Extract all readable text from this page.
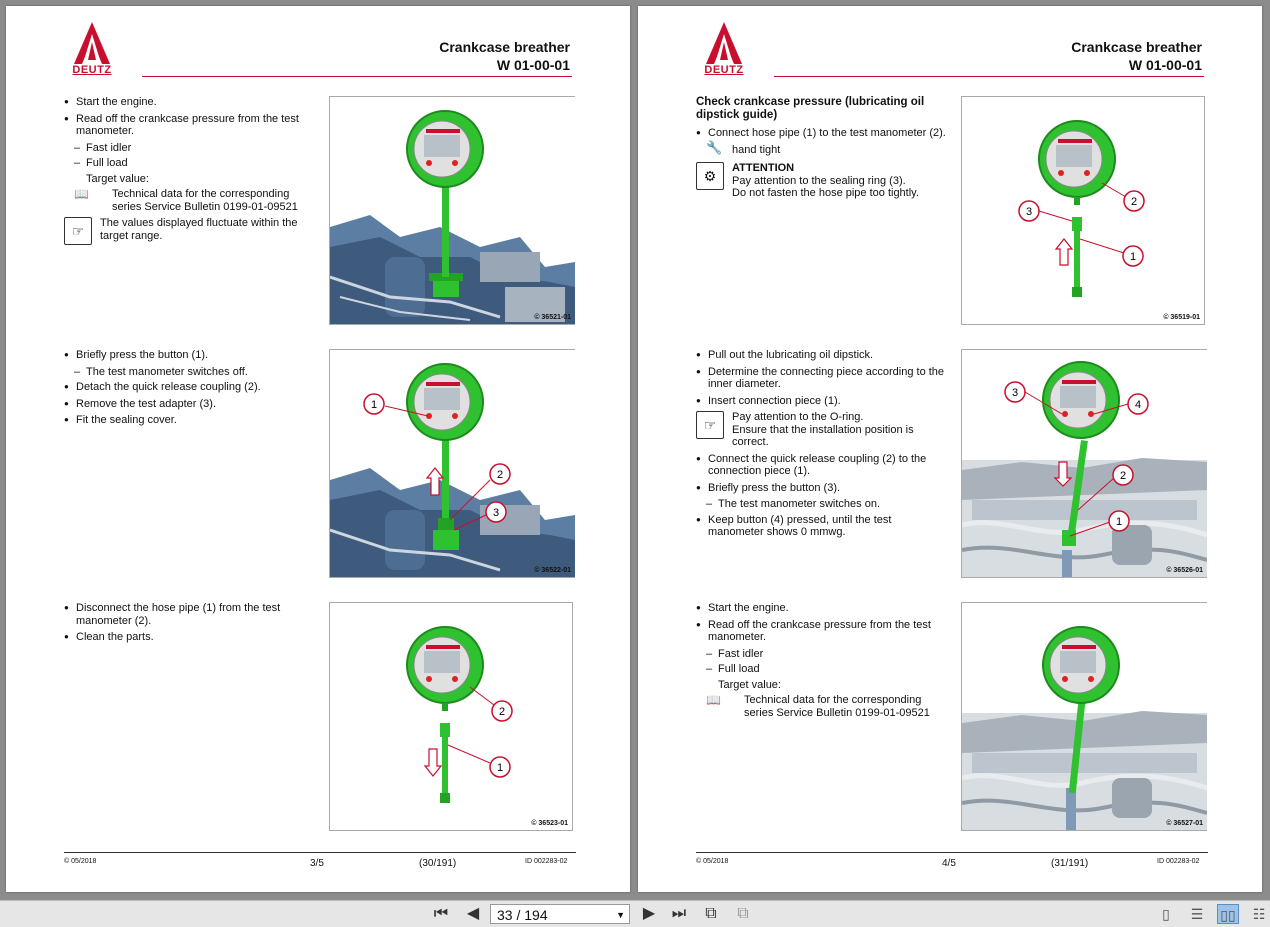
DEUTZ
Crankcase breather
W 01-00-01
● Start the engine.
● Read off the crankcase pressure from the test manometer.
– Fast idler
– Full load
Target value:
📖 Technical data for the corresponding series Service Bulletin 0199-01-09521
☞	The values displayed fluctuate within the target range.
© 36521-01
● Briefly press the button (1).
– The test manometer switches off.
● Detach the quick release coupling (2).
● Remove the test adapter (3).
● Fit the sealing cover.
1
2
3
© 36522-01
● Disconnect the hose pipe (1) from the test manometer (2).
● Clean the parts.
2
1
© 36523-01
© 05/2018	3/5	(30/191)	ID 002283-02
DEUTZ
Crankcase breather
W 01-00-01
Check crankcase pressure (lubricating oil dipstick guide)
● Connect hose pipe (1) to the test manometer (2).
🔧 hand tight
⚙	ATTENTION
Pay attention to the sealing ring (3).
Do not fasten the hose pipe too tightly.
2
3
1
© 36519-01
● Pull out the lubricating oil dipstick.
● Determine the connecting piece according to the inner diameter.
● Insert connection piece (1).
☞	Pay attention to the O-ring.
Ensure that the installation position is correct.
● Connect the quick release coupling (2) to the connection piece (1).
● Briefly press the button (3).
– The test manometer switches on.
● Keep button (4) pressed, until the test manometer shows 0 mmwg.
3
4
2
1
© 36526-01
● Start the engine.
● Read off the crankcase pressure from the test manometer.
– Fast idler
– Full load
Target value:
📖 Technical data for the corresponding series Service Bulletin 0199-01-09521
© 36527-01
© 05/2018	4/5	(31/191)	ID 002283-02
⏮	◀	33 / 194	▼	▶	⏭	⧉	⧉	▯	☰	▯▯	☷
